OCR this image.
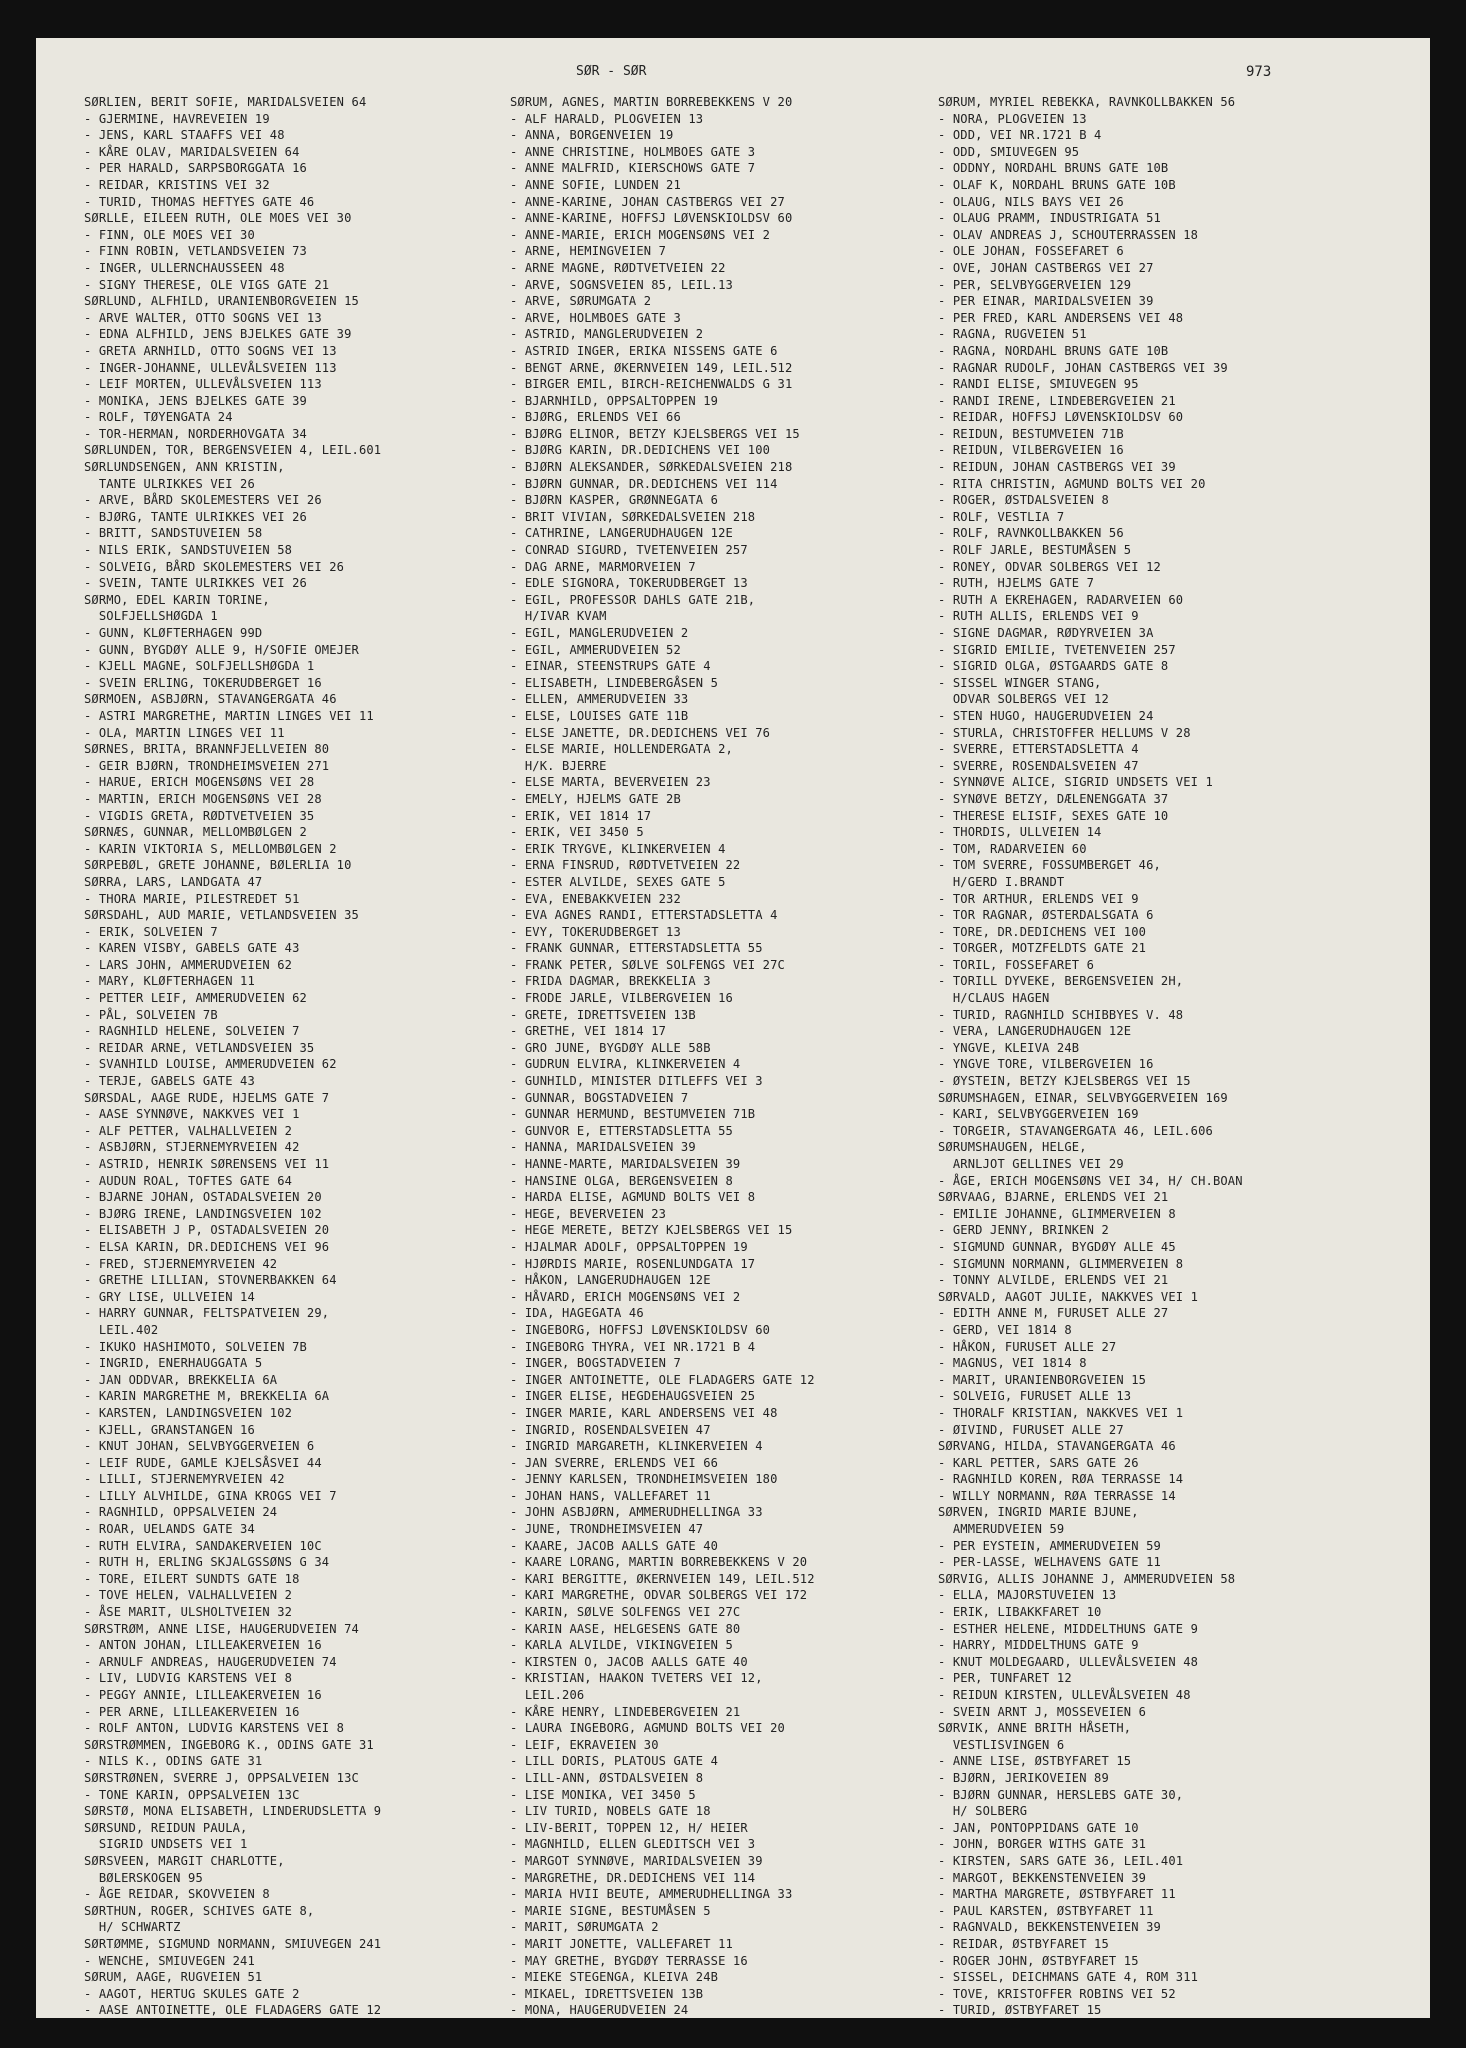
SØR - SØR	973
SØRLIEN, BERIT SOFIE, MARIDALSVEIEN 64
- GJERMINE, HAVREVEIEN 19
- JENS, KARL STAAFFS VEI 48
- KÅRE OLAV, MARIDALSVEIEN 64
- PER HARALD, SARPSBORGGATA 16
- REIDAR, KRISTINS VEI 32
- TURID, THOMAS HEFTYES GATE 46
SØRLLE, EILEEN RUTH, OLE MOES VEI 30
- FINN, OLE MOES VEI 30
- FINN ROBIN, VETLANDSVEIEN 73
- INGER, ULLERNCHAUSSEEN 48
- SIGNY THERESE, OLE VIGS GATE 21
SØRLUND, ALFHILD, URANIENBORGVEIEN 15
- ARVE WALTER, OTTO SOGNS VEI 13
- EDNA ALFHILD, JENS BJELKES GATE 39
- GRETA ARNHILD, OTTO SOGNS VEI 13
- INGER-JOHANNE, ULLEVÅLSVEIEN 113
- LEIF MORTEN, ULLEVÅLSVEIEN 113
- MONIKA, JENS BJELKES GATE 39
- ROLF, TØYENGATA 24
- TOR-HERMAN, NORDERHOVGATA 34
SØRLUNDEN, TOR, BERGENSVEIEN 4, LEIL.601
SØRLUNDSENGEN, ANN KRISTIN,
TANTE ULRIKKES VEI 26
- ARVE, BÅRD SKOLEMESTERS VEI 26
- BJØRG, TANTE ULRIKKES VEI 26
- BRITT, SANDSTUVEIEN 58
- NILS ERIK, SANDSTUVEIEN 58
- SOLVEIG, BÅRD SKOLEMESTERS VEI 26
- SVEIN, TANTE ULRIKKES VEI 26
SØRMO, EDEL KARIN TORINE,
SOLFJELLSHØGDA 1
- GUNN, KLØFTERHAGEN 99D
- GUNN, BYGDØY ALLE 9, H/SOFIE OMEJER
- KJELL MAGNE, SOLFJELLSHØGDA 1
- SVEIN ERLING, TOKERUDBERGET 16
SØRMOEN, ASBJØRN, STAVANGERGATA 46
- ASTRI MARGRETHE, MARTIN LINGES VEI 11
- OLA, MARTIN LINGES VEI 11
SØRNES, BRITA, BRANNFJELLVEIEN 80
- GEIR BJØRN, TRONDHEIMSVEIEN 271
- HARUE, ERICH MOGENSØNS VEI 28
- MARTIN, ERICH MOGENSØNS VEI 28
- VIGDIS GRETA, RØDTVETVEIEN 35
SØRNÆS, GUNNAR, MELLOMBØLGEN 2
- KARIN VIKTORIA S, MELLOMBØLGEN 2
SØRPEBØL, GRETE JOHANNE, BØLERLIA 10
SØRRA, LARS, LANDGATA 47
- THORA MARIE, PILESTREDET 51
SØRSDAHL, AUD MARIE, VETLANDSVEIEN 35
- ERIK, SOLVEIEN 7
- KAREN VISBY, GABELS GATE 43
- LARS JOHN, AMMERUDVEIEN 62
- MARY, KLØFTERHAGEN 11
- PETTER LEIF, AMMERUDVEIEN 62
- PÅL, SOLVEIEN 7B
- RAGNHILD HELENE, SOLVEIEN 7
- REIDAR ARNE, VETLANDSVEIEN 35
- SVANHILD LOUISE, AMMERUDVEIEN 62
- TERJE, GABELS GATE 43
SØRSDAL, AAGE RUDE, HJELMS GATE 7
- AASE SYNNØVE, NAKKVES VEI 1
- ALF PETTER, VALHALLVEIEN 2
- ASBJØRN, STJERNEMYRVEIEN 42
- ASTRID, HENRIK SØRENSENS VEI 11
- AUDUN ROAL, TOFTES GATE 64
- BJARNE JOHAN, OSTADALSVEIEN 20
- BJØRG IRENE, LANDINGSVEIEN 102
- ELISABETH J P, OSTADALSVEIEN 20
- ELSA KARIN, DR.DEDICHENS VEI 96
- FRED, STJERNEMYRVEIEN 42
- GRETHE LILLIAN, STOVNERBAKKEN 64
- GRY LISE, ULLVEIEN 14
- HARRY GUNNAR, FELTSPATVEIEN 29,
LEIL.402
- IKUKO HASHIMOTO, SOLVEIEN 7B
- INGRID, ENERHAUGGATA 5
- JAN ODDVAR, BREKKELIA 6A
- KARIN MARGRETHE M, BREKKELIA 6A
- KARSTEN, LANDINGSVEIEN 102
- KJELL, GRANSTANGEN 16
- KNUT JOHAN, SELVBYGGERVEIEN 6
- LEIF RUDE, GAMLE KJELSÅSVEI 44
- LILLI, STJERNEMYRVEIEN 42
- LILLY ALVHILDE, GINA KROGS VEI 7
- RAGNHILD, OPPSALVEIEN 24
- ROAR, UELANDS GATE 34
- RUTH ELVIRA, SANDAKERVEIEN 10C
- RUTH H, ERLING SKJALGSSØNS G 34
- TORE, EILERT SUNDTS GATE 18
- TOVE HELEN, VALHALLVEIEN 2
- ÅSE MARIT, ULSHOLTVEIEN 32
SØRSTRØM, ANNE LISE, HAUGERUDVEIEN 74
- ANTON JOHAN, LILLEAKERVEIEN 16
- ARNULF ANDREAS, HAUGERUDVEIEN 74
- LIV, LUDVIG KARSTENS VEI 8
- PEGGY ANNIE, LILLEAKERVEIEN 16
- PER ARNE, LILLEAKERVEIEN 16
- ROLF ANTON, LUDVIG KARSTENS VEI 8
SØRSTRØMMEN, INGEBORG K., ODINS GATE 31
- NILS K., ODINS GATE 31
SØRSTRØNEN, SVERRE J, OPPSALVEIEN 13C
- TONE KARIN, OPPSALVEIEN 13C
SØRSTØ, MONA ELISABETH, LINDERUDSLETTA 9
SØRSUND, REIDUN PAULA,
SIGRID UNDSETS VEI 1
SØRSVEEN, MARGIT CHARLOTTE,
BØLERSKOGEN 95
- ÅGE REIDAR, SKOVVEIEN 8
SØRTHUN, ROGER, SCHIVES GATE 8,
H/ SCHWARTZ
SØRTØMME, SIGMUND NORMANN, SMIUVEGEN 241
- WENCHE, SMIUVEGEN 241
SØRUM, AAGE, RUGVEIEN 51
- AAGOT, HERTUG SKULES GATE 2
- AASE ANTOINETTE, OLE FLADAGERS GATE 12
SØRUM, AGNES, MARTIN BORREBEKKENS V 20
- ALF HARALD, PLOGVEIEN 13
- ANNA, BORGENVEIEN 19
- ANNE CHRISTINE, HOLMBOES GATE 3
- ANNE MALFRID, KIERSCHOWS GATE 7
- ANNE SOFIE, LUNDEN 21
- ANNE-KARINE, JOHAN CASTBERGS VEI 27
- ANNE-KARINE, HOFFSJ LØVENSKIOLDSV 60
- ANNE-MARIE, ERICH MOGENSØNS VEI 2
- ARNE, HEMINGVEIEN 7
- ARNE MAGNE, RØDTVETVEIEN 22
- ARVE, SOGNSVEIEN 85, LEIL.13
- ARVE, SØRUMGATA 2
- ARVE, HOLMBOES GATE 3
- ASTRID, MANGLERUDVEIEN 2
- ASTRID INGER, ERIKA NISSENS GATE 6
- BENGT ARNE, ØKERNVEIEN 149, LEIL.512
- BIRGER EMIL, BIRCH-REICHENWALDS G 31
- BJARNHILD, OPPSALTOPPEN 19
- BJØRG, ERLENDS VEI 66
- BJØRG ELINOR, BETZY KJELSBERGS VEI 15
- BJØRG KARIN, DR.DEDICHENS VEI 100
- BJØRN ALEKSANDER, SØRKEDALSVEIEN 218
- BJØRN GUNNAR, DR.DEDICHENS VEI 114
- BJØRN KASPER, GRØNNEGATA 6
- BRIT VIVIAN, SØRKEDALSVEIEN 218
- CATHRINE, LANGERUDHAUGEN 12E
- CONRAD SIGURD, TVETENVEIEN 257
- DAG ARNE, MARMORVEIEN 7
- EDLE SIGNORA, TOKERUDBERGET 13
- EGIL, PROFESSOR DAHLS GATE 21B,
H/IVAR KVAM
- EGIL, MANGLERUDVEIEN 2
- EGIL, AMMERUDVEIEN 52
- EINAR, STEENSTRUPS GATE 4
- ELISABETH, LINDEBERGÅSEN 5
- ELLEN, AMMERUDVEIEN 33
- ELSE, LOUISES GATE 11B
- ELSE JANETTE, DR.DEDICHENS VEI 76
- ELSE MARIE, HOLLENDERGATA 2,
H/K. BJERRE
- ELSE MARTA, BEVERVEIEN 23
- EMELY, HJELMS GATE 2B
- ERIK, VEI 1814 17
- ERIK, VEI 3450 5
- ERIK TRYGVE, KLINKERVEIEN 4
- ERNA FINSRUD, RØDTVETVEIEN 22
- ESTER ALVILDE, SEXES GATE 5
- EVA, ENEBAKKVEIEN 232
- EVA AGNES RANDI, ETTERSTADSLETTA 4
- EVY, TOKERUDBERGET 13
- FRANK GUNNAR, ETTERSTADSLETTA 55
- FRANK PETER, SØLVE SOLFENGS VEI 27C
- FRIDA DAGMAR, BREKKELIA 3
- FRODE JARLE, VILBERGVEIEN 16
- GRETE, IDRETTSVEIEN 13B
- GRETHE, VEI 1814 17
- GRO JUNE, BYGDØY ALLE 58B
- GUDRUN ELVIRA, KLINKERVEIEN 4
- GUNHILD, MINISTER DITLEFFS VEI 3
- GUNNAR, BOGSTADVEIEN 7
- GUNNAR HERMUND, BESTUMVEIEN 71B
- GUNVOR E, ETTERSTADSLETTA 55
- HANNA, MARIDALSVEIEN 39
- HANNE-MARTE, MARIDALSVEIEN 39
- HANSINE OLGA, BERGENSVEIEN 8
- HARDA ELISE, AGMUND BOLTS VEI 8
- HEGE, BEVERVEIEN 23
- HEGE MERETE, BETZY KJELSBERGS VEI 15
- HJALMAR ADOLF, OPPSALTOPPEN 19
- HJØRDIS MARIE, ROSENLUNDGATA 17
- HÅKON, LANGERUDHAUGEN 12E
- HÅVARD, ERICH MOGENSØNS VEI 2
- IDA, HAGEGATA 46
- INGEBORG, HOFFSJ LØVENSKIOLDSV 60
- INGEBORG THYRA, VEI NR.1721 B 4
- INGER, BOGSTADVEIEN 7
- INGER ANTOINETTE, OLE FLADAGERS GATE 12
- INGER ELISE, HEGDEHAUGSVEIEN 25
- INGER MARIE, KARL ANDERSENS VEI 48
- INGRID, ROSENDALSVEIEN 47
- INGRID MARGARETH, KLINKERVEIEN 4
- JAN SVERRE, ERLENDS VEI 66
- JENNY KARLSEN, TRONDHEIMSVEIEN 180
- JOHAN HANS, VALLEFARET 11
- JOHN ASBJØRN, AMMERUDHELLINGA 33
- JUNE, TRONDHEIMSVEIEN 47
- KAARE, JACOB AALLS GATE 40
- KAARE LORANG, MARTIN BORREBEKKENS V 20
- KARI BERGITTE, ØKERNVEIEN 149, LEIL.512
- KARI MARGRETHE, ODVAR SOLBERGS VEI 172
- KARIN, SØLVE SOLFENGS VEI 27C
- KARIN AASE, HELGESENS GATE 80
- KARLA ALVILDE, VIKINGVEIEN 5
- KIRSTEN O, JACOB AALLS GATE 40
- KRISTIAN, HAAKON TVETERS VEI 12,
LEIL.206
- KÅRE HENRY, LINDEBERGVEIEN 21
- LAURA INGEBORG, AGMUND BOLTS VEI 20
- LEIF, EKRAVEIEN 30
- LILL DORIS, PLATOUS GATE 4
- LILL-ANN, ØSTDALSVEIEN 8
- LISE MONIKA, VEI 3450 5
- LIV TURID, NOBELS GATE 18
- LIV-BERIT, TOPPEN 12, H/ HEIER
- MAGNHILD, ELLEN GLEDITSCH VEI 3
- MARGOT SYNNØVE, MARIDALSVEIEN 39
- MARGRETHE, DR.DEDICHENS VEI 114
- MARIA HVII BEUTE, AMMERUDHELLINGA 33
- MARIE SIGNE, BESTUMÅSEN 5
- MARIT, SØRUMGATA 2
- MARIT JONETTE, VALLEFARET 11
- MAY GRETHE, BYGDØY TERRASSE 16
- MIEKE STEGENGA, KLEIVA 24B
- MIKAEL, IDRETTSVEIEN 13B
- MONA, HAUGERUDVEIEN 24
SØRUM, MYRIEL REBEKKA, RAVNKOLLBAKKEN 56
- NORA, PLOGVEIEN 13
- ODD, VEI NR.1721 B 4
- ODD, SMIUVEGEN 95
- ODDNY, NORDAHL BRUNS GATE 10B
- OLAF K, NORDAHL BRUNS GATE 10B
- OLAUG, NILS BAYS VEI 26
- OLAUG PRAMM, INDUSTRIGATA 51
- OLAV ANDREAS J, SCHOUTERRASSEN 18
- OLE JOHAN, FOSSEFARET 6
- OVE, JOHAN CASTBERGS VEI 27
- PER, SELVBYGGERVEIEN 129
- PER EINAR, MARIDALSVEIEN 39
- PER FRED, KARL ANDERSENS VEI 48
- RAGNA, RUGVEIEN 51
- RAGNA, NORDAHL BRUNS GATE 10B
- RAGNAR RUDOLF, JOHAN CASTBERGS VEI 39
- RANDI ELISE, SMIUVEGEN 95
- RANDI IRENE, LINDEBERGVEIEN 21
- REIDAR, HOFFSJ LØVENSKIOLDSV 60
- REIDUN, BESTUMVEIEN 71B
- REIDUN, VILBERGVEIEN 16
- REIDUN, JOHAN CASTBERGS VEI 39
- RITA CHRISTIN, AGMUND BOLTS VEI 20
- ROGER, ØSTDALSVEIEN 8
- ROLF, VESTLIA 7
- ROLF, RAVNKOLLBAKKEN 56
- ROLF JARLE, BESTUMÅSEN 5
- RONEY, ODVAR SOLBERGS VEI 12
- RUTH, HJELMS GATE 7
- RUTH A EKREHAGEN, RADARVEIEN 60
- RUTH ALLIS, ERLENDS VEI 9
- SIGNE DAGMAR, RØDYRVEIEN 3A
- SIGRID EMILIE, TVETENVEIEN 257
- SIGRID OLGA, ØSTGAARDS GATE 8
- SISSEL WINGER STANG,
ODVAR SOLBERGS VEI 12
- STEN HUGO, HAUGERUDVEIEN 24
- STURLA, CHRISTOFFER HELLUMS V 28
- SVERRE, ETTERSTADSLETTA 4
- SVERRE, ROSENDALSVEIEN 47
- SYNNØVE ALICE, SIGRID UNDSETS VEI 1
- SYNØVE BETZY, DÆLENENGGATA 37
- THERESE ELISIF, SEXES GATE 10
- THORDIS, ULLVEIEN 14
- TOM, RADARVEIEN 60
- TOM SVERRE, FOSSUMBERGET 46,
H/GERD I.BRANDT
- TOR ARTHUR, ERLENDS VEI 9
- TOR RAGNAR, ØSTERDALSGATA 6
- TORE, DR.DEDICHENS VEI 100
- TORGER, MOTZFELDTS GATE 21
- TORIL, FOSSEFARET 6
- TORILL DYVEKE, BERGENSVEIEN 2H,
H/CLAUS HAGEN
- TURID, RAGNHILD SCHIBBYES V. 48
- VERA, LANGERUDHAUGEN 12E
- YNGVE, KLEIVA 24B
- YNGVE TORE, VILBERGVEIEN 16
- ØYSTEIN, BETZY KJELSBERGS VEI 15
SØRUMSHAGEN, EINAR, SELVBYGGERVEIEN 169
- KARI, SELVBYGGERVEIEN 169
- TORGEIR, STAVANGERGATA 46, LEIL.606
SØRUMSHAUGEN, HELGE,
ARNLJOT GELLINES VEI 29
- ÅGE, ERICH MOGENSØNS VEI 34, H/ CH.BOAN
SØRVAAG, BJARNE, ERLENDS VEI 21
- EMILIE JOHANNE, GLIMMERVEIEN 8
- GERD JENNY, BRINKEN 2
- SIGMUND GUNNAR, BYGDØY ALLE 45
- SIGMUNN NORMANN, GLIMMERVEIEN 8
- TONNY ALVILDE, ERLENDS VEI 21
SØRVALD, AAGOT JULIE, NAKKVES VEI 1
- EDITH ANNE M, FURUSET ALLE 27
- GERD, VEI 1814 8
- HÅKON, FURUSET ALLE 27
- MAGNUS, VEI 1814 8
- MARIT, URANIENBORGVEIEN 15
- SOLVEIG, FURUSET ALLE 13
- THORALF KRISTIAN, NAKKVES VEI 1
- ØIVIND, FURUSET ALLE 27
SØRVANG, HILDA, STAVANGERGATA 46
- KARL PETTER, SARS GATE 26
- RAGNHILD KOREN, RØA TERRASSE 14
- WILLY NORMANN, RØA TERRASSE 14
SØRVEN, INGRID MARIE BJUNE,
AMMERUDVEIEN 59
- PER EYSTEIN, AMMERUDVEIEN 59
- PER-LASSE, WELHAVENS GATE 11
SØRVIG, ALLIS JOHANNE J, AMMERUDVEIEN 58
- ELLA, MAJORSTUVEIEN 13
- ERIK, LIBAKKFARET 10
- ESTHER HELENE, MIDDELTHUNS GATE 9
- HARRY, MIDDELTHUNS GATE 9
- KNUT MOLDEGAARD, ULLEVÅLSVEIEN 48
- PER, TUNFARET 12
- REIDUN KIRSTEN, ULLEVÅLSVEIEN 48
- SVEIN ARNT J, MOSSEVEIEN 6
SØRVIK, ANNE BRITH HÅSETH,
VESTLISVINGEN 6
- ANNE LISE, ØSTBYFARET 15
- BJØRN, JERIKOVEIEN 89
- BJØRN GUNNAR, HERSLEBS GATE 30,
H/ SOLBERG
- JAN, PONTOPPIDANS GATE 10
- JOHN, BORGER WITHS GATE 31
- KIRSTEN, SARS GATE 36, LEIL.401
- MARGOT, BEKKENSTENVEIEN 39
- MARTHA MARGRETE, ØSTBYFARET 11
- PAUL KARSTEN, ØSTBYFARET 11
- RAGNVALD, BEKKENSTENVEIEN 39
- REIDAR, ØSTBYFARET 15
- ROGER JOHN, ØSTBYFARET 15
- SISSEL, DEICHMANS GATE 4, ROM 311
- TOVE, KRISTOFFER ROBINS VEI 52
- TURID, ØSTBYFARET 15
